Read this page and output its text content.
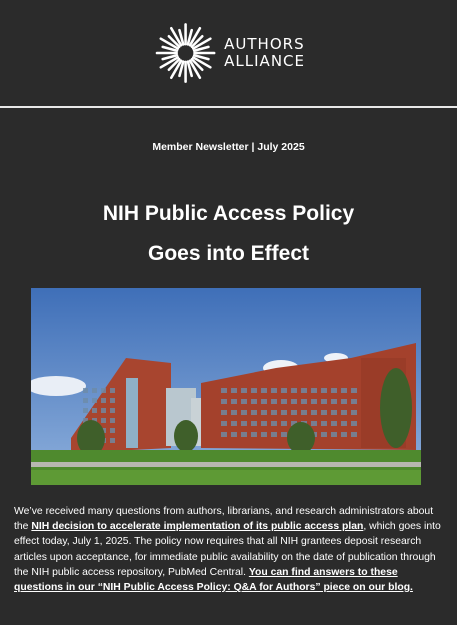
AUTHORS
ALLIANCE
Member Newsletter | July 2025
NIH Public Access Policy
Goes into Effect
We’ve received many questions from authors, librarians, and research administrators about the NIH decision to accelerate implementation of its public access plan, which goes into effect today, July 1, 2025. The policy now requires that all NIH grantees deposit research articles upon acceptance, for immediate public availability on the date of publication through the NIH public access repository, PubMed Central. You can find answers to these questions in our “NIH Public Access Policy: Q&A for Authors” piece on our blog.
